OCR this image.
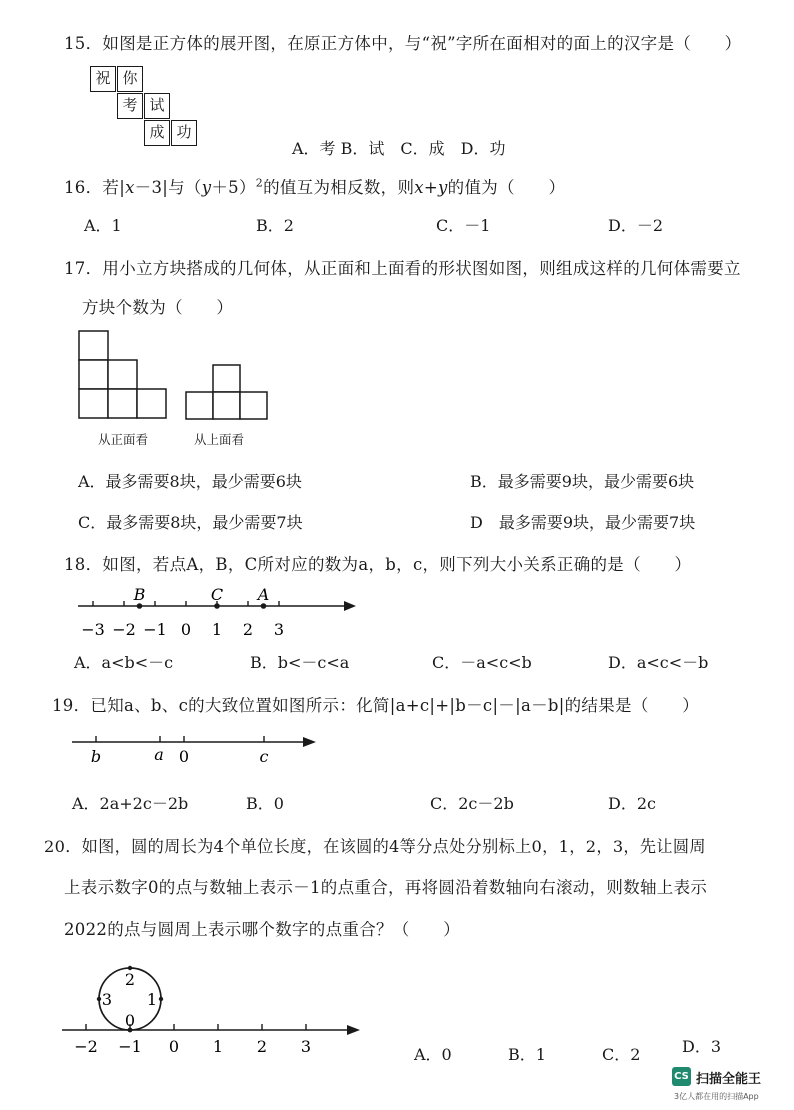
15．如图是正方体的展开图，在原正方体中，与“祝”字所在面相对的面上的汉字是（　　）
祝 你
考 试
成 功
A．考 B．试　C．成　D．功
16．若|x－3|与$(y+5)^2$的值互为相反数，则x+y的值为（　　）
A．1	B．2	C．－1	D．－2
17．用小立方块搭成的几何体，从正面和上面看的形状图如图，则组成这样的几何体需要立
方块个数为（　　）
从正面看	从上面看
A．最多需要8块，最少需要6块	B．最多需要9块，最少需要6块
C．最多需要8块，最少需要7块	D　最多需要9块，最少需要7块
18．如图，若点A，B，C所对应的数为a，b，c，则下列大小关系正确的是（　　）
−3 −2 −1 0 1 2 3
B	C A
A．a<b<－c	B．b<－c<a	C．－a<c<b	D．a<c<－b
19．已知a、b、c的大致位置如图所示：化简|a+c|+|b－c|－|a－b|的结果是（　　）
b	a 0	c
A．2a+2c－2b	B．0	C．2c－2b	D．2c
20．如图，圆的周长为4个单位长度，在该圆的4等分点处分别标上0，1，2，3，先让圆周
上表示数字0的点与数轴上表示－1的点重合，再将圆沿着数轴向右滚动，则数轴上表示
2022的点与圆周上表示哪个数字的点重合？（　　）
2
3 1
0
−2 −1 0 1 2 3	A．0	B．1	C．2	D．3
CS 扫描全能王
3亿人都在用的扫描App
